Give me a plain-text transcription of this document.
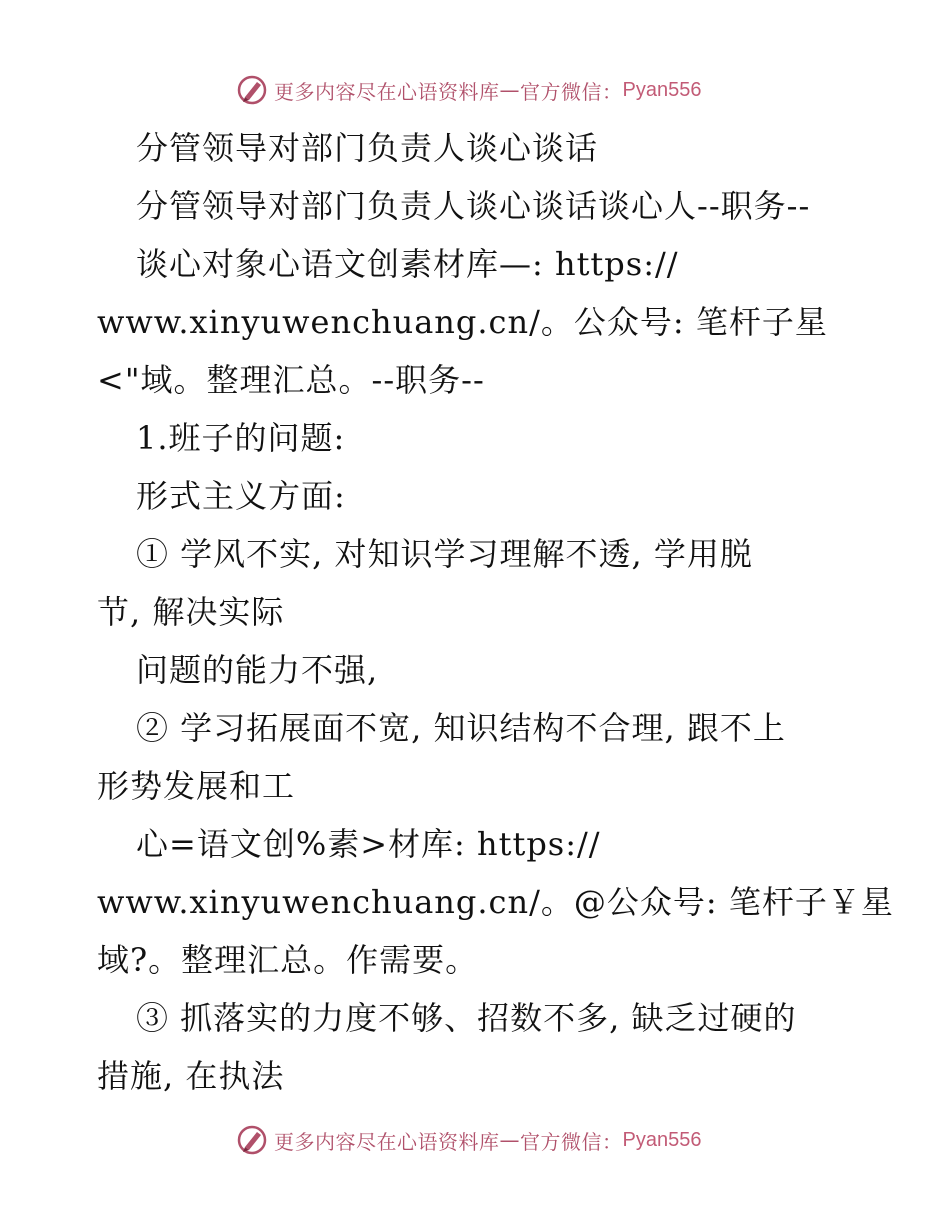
更多内容尽在心语资料库 — 官方微信： Pyan556
分管领导对部门负责人谈心谈话
分管领导对部门负责人谈心谈话谈心人--职务--
谈心对象心语文创素材库—: https://
www.xinyuwenchuang.cn/。公众号: 笔杆子星
<"域。整理汇总。--职务--
1.班子的问题:
形式主义方面:
① 学风不实, 对知识学习理解不透, 学用脱
节, 解决实际
问题的能力不强,
② 学习拓展面不宽, 知识结构不合理, 跟不上
形势发展和工
心=语文创%素>材库: https://
www.xinyuwenchuang.cn/。@公众号: 笔杆子￥星
域?。整理汇总。作需要。
③ 抓落实的力度不够、招数不多, 缺乏过硬的
措施, 在执法
更多内容尽在心语资料库 — 官方微信： Pyan556
